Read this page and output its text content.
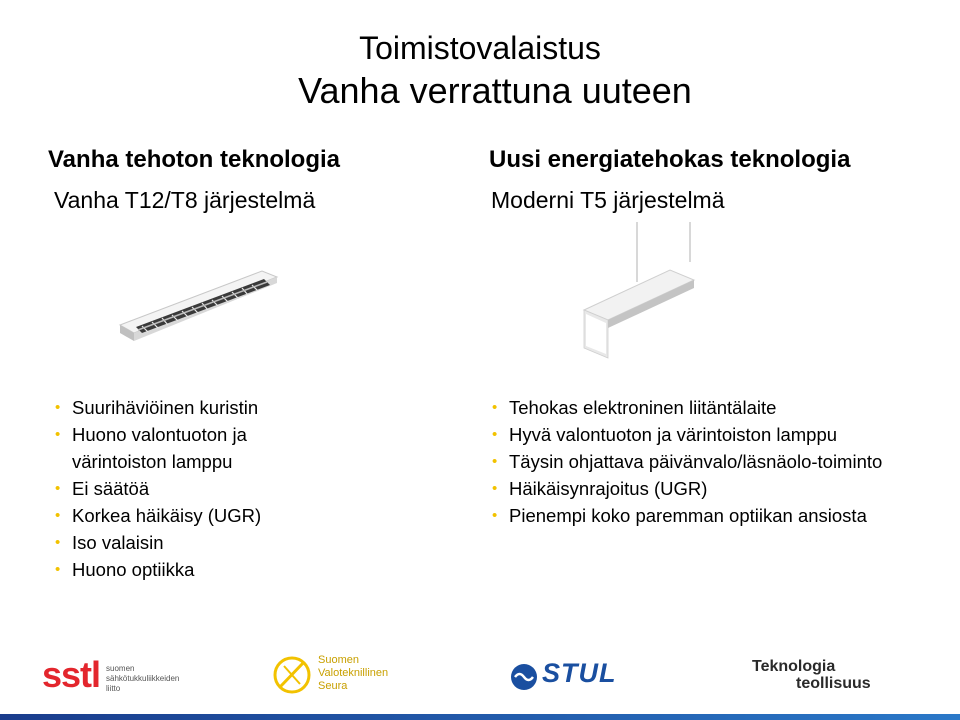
Toimistovalaistus
Vanha verrattuna uuteen
Vanha tehoton teknologia
Vanha T12/T8 järjestelmä
Uusi energiatehokas teknologia
Moderni T5 järjestelmä
• Suurihäviöinen kuristin
• Huono valontuoton ja värintoiston lamppu
• Ei säätöä
• Korkea häikäisy (UGR)
• Iso valaisin
• Huono optiikka
• Tehokas elektroninen liitäntälaite
• Hyvä valontuoton ja värintoiston lamppu
• Täysin ohjattava päivänvalo/läsnäolo-toiminto
• Häikäisynrajoitus (UGR)
• Pienempi koko paremman optiikan ansiosta
sstl suomen sähkötukkuliikkeiden liitto
Suomen
Valoteknillinen
Seura	STUL	Teknologia
teollisuus
